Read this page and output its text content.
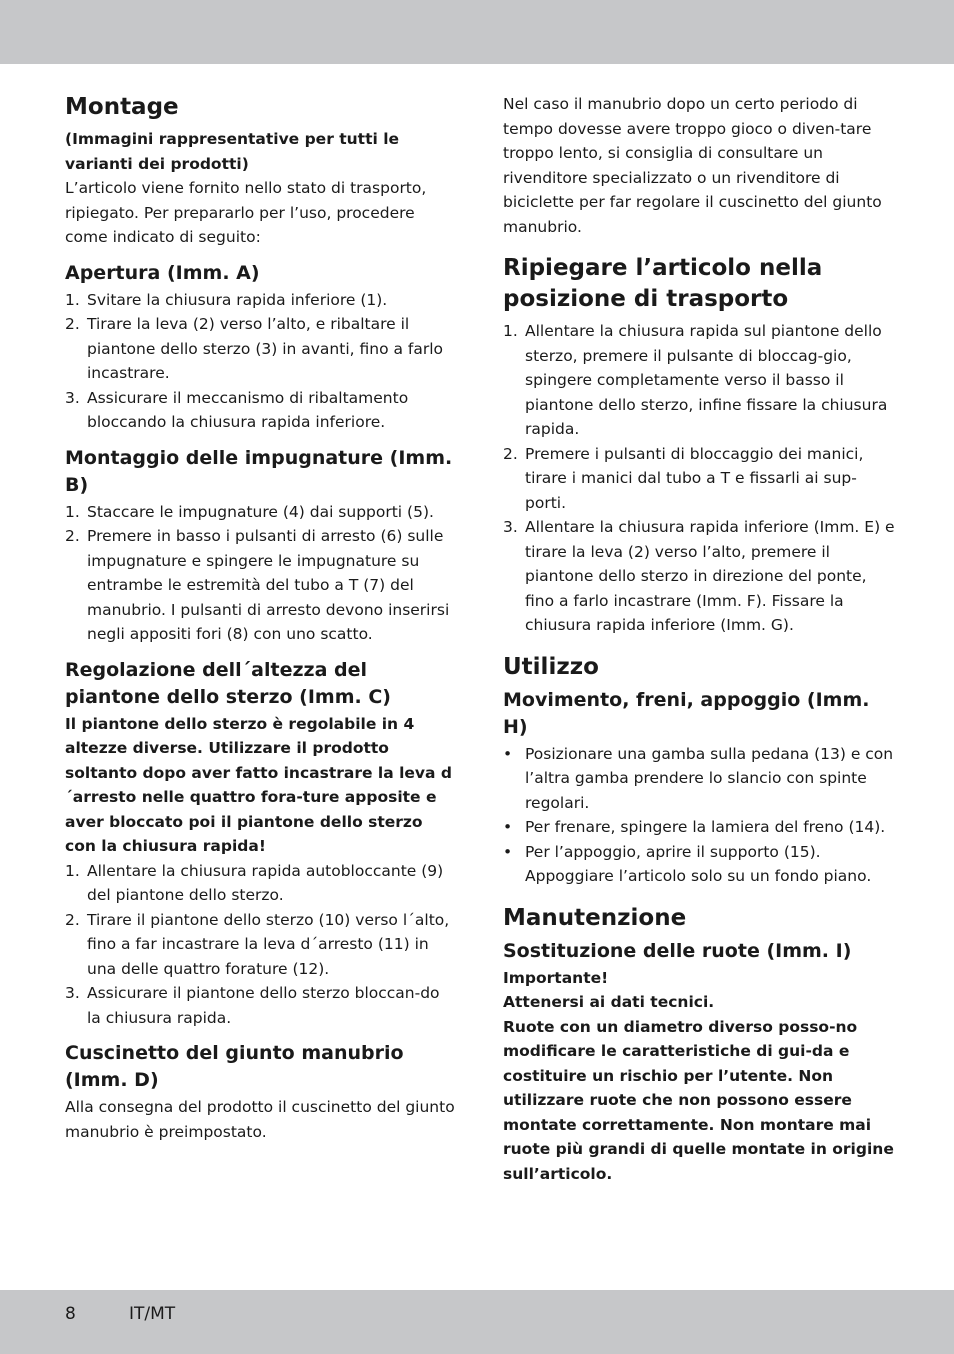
Montage

(Immagini rappresentative per tutti le varianti dei prodotti)

L’articolo viene fornito nello stato di trasporto, ripiegato. Per prepararlo per l’uso, procedere come indicato di seguito:

Apertura (Imm. A)
1. Svitare la chiusura rapida inferiore (1).
2. Tirare la leva (2) verso l’alto, e ribaltare il piantone dello sterzo (3) in avanti, fino a farlo incastrare.
3. Assicurare il meccanismo di ribaltamento bloccando la chiusura rapida inferiore.
Montaggio delle impugnature (Imm. B)
1. Staccare le impugnature (4) dai supporti (5).
2. Premere in basso i pulsanti di arresto (6) sulle impugnature e spingere le impugnature su entrambe le estremità del tubo a T (7) del manubrio. I pulsanti di arresto devono inserirsi negli appositi fori (8) con uno scatto.
Regolazione dell´altezza del piantone dello sterzo (Imm. C)

Il piantone dello sterzo è regolabile in 4 altezze diverse. Utilizzare il prodotto soltanto dopo aver fatto incastrare la leva d´arresto nelle quattro fora-ture apposite e aver bloccato poi il piantone dello sterzo con la chiusura rapida!

1. Allentare la chiusura rapida autobloccante (9) del piantone dello sterzo.
2. Tirare il piantone dello sterzo (10) verso l´alto, fino a far incastrare la leva d´arresto (11) in una delle quattro forature (12).
3. Assicurare il piantone dello sterzo bloccan-do la chiusura rapida.
Cuscinetto del giunto manubrio (Imm. D)

Alla consegna del prodotto il cuscinetto del giunto manubrio è preimpostato.

Nel caso il manubrio dopo un certo periodo di tempo dovesse avere troppo gioco o diven-tare troppo lento, si consiglia di consultare un rivenditore specializzato o un rivenditore di biciclette per far regolare il cuscinetto del giunto manubrio.

Ripiegare l’articolo nella posizione di trasporto
1. Allentare la chiusura rapida sul piantone dello sterzo, premere il pulsante di bloccag-gio, spingere completamente verso il basso il piantone dello sterzo, infine fissare la chiusura rapida.
2. Premere i pulsanti di bloccaggio dei manici, tirare i manici dal tubo a T e fissarli ai sup-porti.
3. Allentare la chiusura rapida inferiore (Imm. E) e tirare la leva (2) verso l’alto, premere il piantone dello sterzo in direzione del ponte, fino a farlo incastrare (Imm. F). Fissare la chiusura rapida inferiore (Imm. G).
Utilizzo
Movimento, freni, appoggio (Imm. H)
• Posizionare una gamba sulla pedana (13) e con l’altra gamba prendere lo slancio con spinte regolari.
• Per frenare, spingere la lamiera del freno (14).
• Per l’appoggio, aprire il supporto (15). Appoggiare l’articolo solo su un fondo piano.
Manutenzione
Sostituzione delle ruote (Imm. I)

Importante!

Attenersi ai dati tecnici.

Ruote con un diametro diverso posso-no modificare le caratteristiche di gui-da e costituire un rischio per l’utente. Non utilizzare ruote che non possono essere montate correttamente. Non montare mai ruote più grandi di quelle montate in origine sull’articolo.

8	IT/MT
